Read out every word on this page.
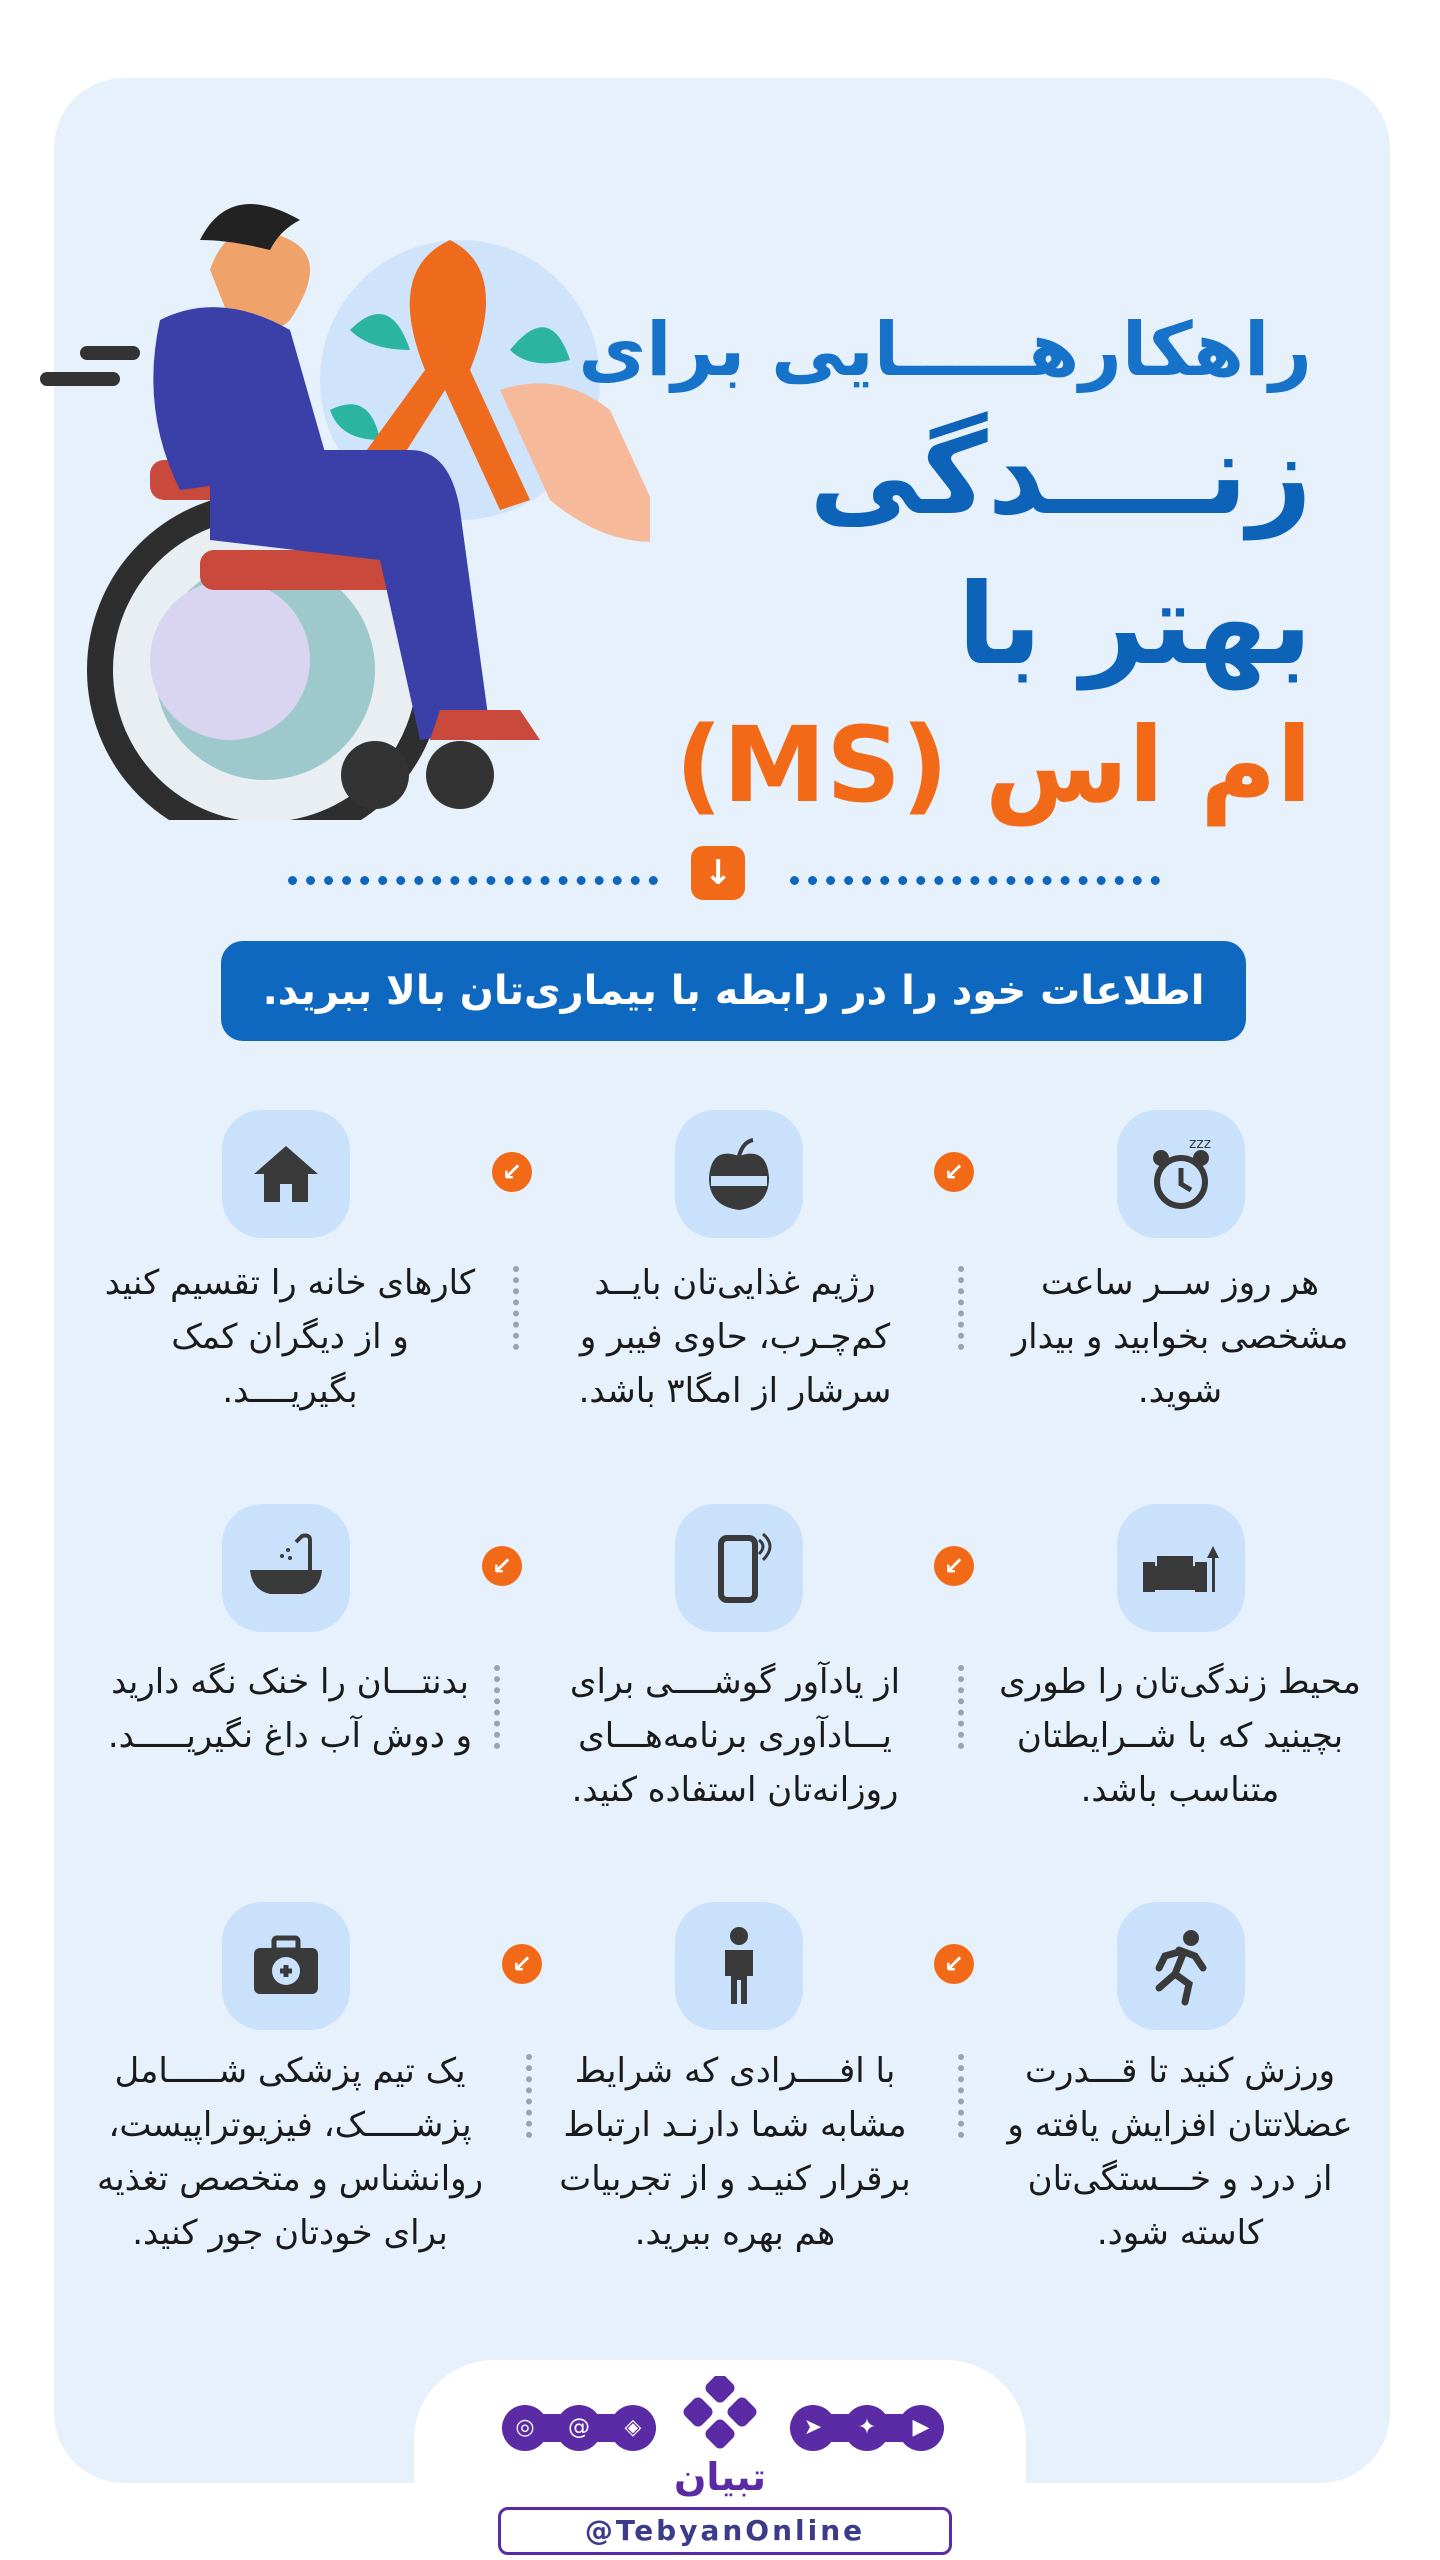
راهکارهـــــایی برای
زنــــدگی بهتر با
ام اس (MS)
↓
اطلاعات خود را در رابطه با بیماری‌تان بالا ببرید.
zzz
هر روز ســر ساعت مشخصی بخوابید و بیدار شوید.
↙
رژیم غذایی‌تان بایــد کم‌چـرب، حاوی فیبر و سرشار از امگا۳ باشد.
↙
کارهای خانه را تقسیم کنید و از دیگران کمک بگیریــــد.
محیط زندگی‌تان را طوری بچینید که با شــرایطتان متناسب باشد.
↙
از یادآور گوشــــی برای یـــادآوری برنامه‌هـــای روزانه‌تان استفاده کنید.
↙
بدنتـــان را خنک نگه دارید و دوش آب داغ نگیریـــــد.
ورزش کنید تا قـــدرت عضلاتتان افزایش یافته و از درد و خـــستگی‌تان کاسته شود.
↙
با افــــرادی که شرایط مشابه شما دارنـد ارتباط برقرار کنیـد و از تجربیات هم بهره ببرید.
↙
یک تیم پزشکی شـــــامل پزشـــــک، فیزیوتراپیست، روانشناس و متخصص تغذیه برای خودتان جور کنید.
◎	@	◈	➤	✦	▶
تبیان
@TebyanOnline
